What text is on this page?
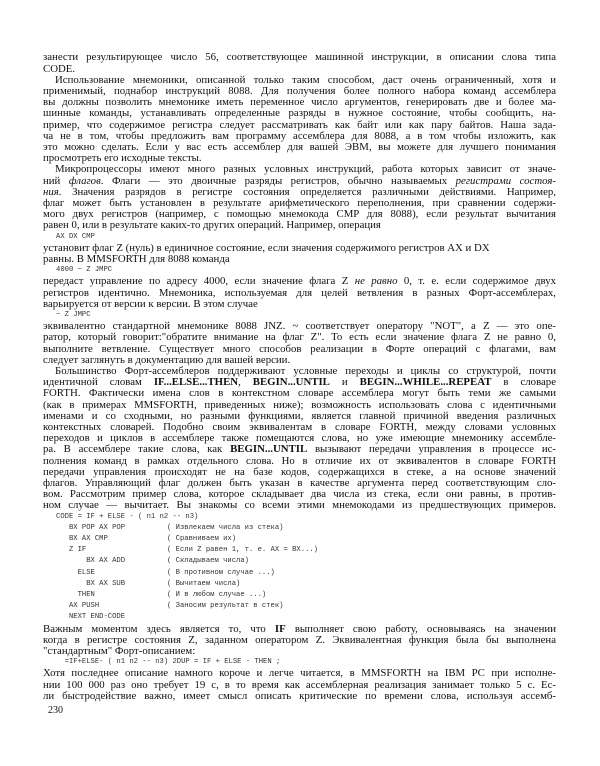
230
занести результирующее число 56, соответствующее машинной инструкции, в описании слова типа
CODE.
Использование мнемоники, описанной только таким способом, даст очень ограниченный, хотя и
применимый, поднабор инструкций 8088. Для получения более полного набора команд ассемблера
вы должны позволить мнемонике иметь переменное число аргументов, генерировать две и более ма-
шинные команды, устанавливать определенные разряды в нужное состояние, чтобы сообщить, на-
пример, что содержимое регистра следует рассматривать как байт или как пару байтов. Наша зада-
ча не в том, чтобы предложить вам программу ассемблера для 8088, а в том чтобы изложить, как
это можно сделать. Если у вас есть ассемблер для вашей ЭВМ, вы можете для лучшего понимания
просмотреть его исходные тексты.
Микропроцессоры имеют много разных условных инструкций, работа которых зависит от значе-
ний флагов. Флаги — это двоичные разряды регистров, обычно называемых регистрами состоя-
ния. Значения разрядов в регистре состояния определяется различными действиями. Например,
флаг может быть установлен в результате арифметического переполнения, при сравнении содержи-
мого двух регистров (например, с помощью мнемокода CMP для 8088), если результат вычитания
равен 0, или в результате каких-то других операций. Например, операция
AX DX CMP
установит флаг Z (нуль) в единичное состояние, если значения содержимого регистров AX и DX
равны. В MMSFORTH для 8088 команда
4000 ~ Z JMPC
передаст управление по адресу 4000, если значение флага Z не равно 0, т. е. если содержимое двух
регистров идентично. Мнемоника, используемая для целей ветвления в разных Форт-ассемблерах,
варьируется от версии к версии. В этом случае
~ Z JMPC
эквивалентно стандартной мнемонике 8088 JNZ. ~ соответствует оператору "NOT", а Z — это опе-
ратор, который говорит:"обратите внимание на флаг Z". То есть если значение флага Z не равно 0,
выполните ветвление. Существует много способов реализации в Форте операций с флагами, вам
следует заглянуть в документацию для вашей версии.
Большинство Форт-ассемблеров поддерживают условные переходы и циклы со структурой, почти
идентичной словам IF...ELSE...THEN, BEGIN...UNTIL и BEGIN...WHILE...REPEAT в словаре
FORTH. Фактически имена слов в контекстном словаре ассемблера могут быть теми же самыми
(как в примерах MMSFORTH, приведенных ниже); возможность использовать слова с идентичными
именами и со сходными, но разными функциями, является главной причиной введения различных
контекстных словарей. Подобно своим эквивалентам в словаре FORTH, между словами условных
переходов и циклов в ассемблере также помещаются слова, но уже имеющие мнемонику ассембле-
ра. В ассемблере такие слова, как BEGIN...UNTIL вызывают передачи управления в процессе ис-
полнения команд в рамках отдельного слова. Но в отличие их от эквивалентов в словаре FORTH
передачи управления происходят не на базе кодов, содержащихся в стеке, а на основе значений
флагов. Управляющий флаг должен быть указан в качестве аргумента перед соответствующим сло-
вом. Рассмотрим пример слова, которое складывает два числа из стека, если они равны, в против-
ном случае — вычитает. Вы знакомы со всеми этими мнемокодами из предшествующих примеров.
CODE = IF + ELSE - ( n1 n2 -- n3)
BX POP AX POP	( Извлекаем числа из стека)
BX AX CMP	( Сравниваем их)
Z IF	( Если Z равен 1, т. е. AX = BX...)
BX AX ADD	( Складываем числа)
ELSE	( В противном случае ...)
BX AX SUB	( Вычитаем числа)
THEN	( И в любом случае ...)
AX PUSH	( Заносим результат в стек)
NEXT END-CODE
Важным моментом здесь является то, что IF выполняет свою работу, основываясь на значении
когда в регистре состояния Z, заданном оператором Z. Эквивалентная функция была бы выполнена
"стандартным" Форт-описанием:
=IF+ELSE- ( n1 n2 -- n3) 2DUP = IF + ELSE - THEN ;
Хотя последнее описание намного короче и легче читается, в MMSFORTH на IBM PC при исполне-
нии 100 000 раз оно требует 19 с, в то время как ассемблерная реализация занимает только 5 с. Ес-
ли быстродействие важно, имеет смысл описать критические по времени слова, используя ассемб-
